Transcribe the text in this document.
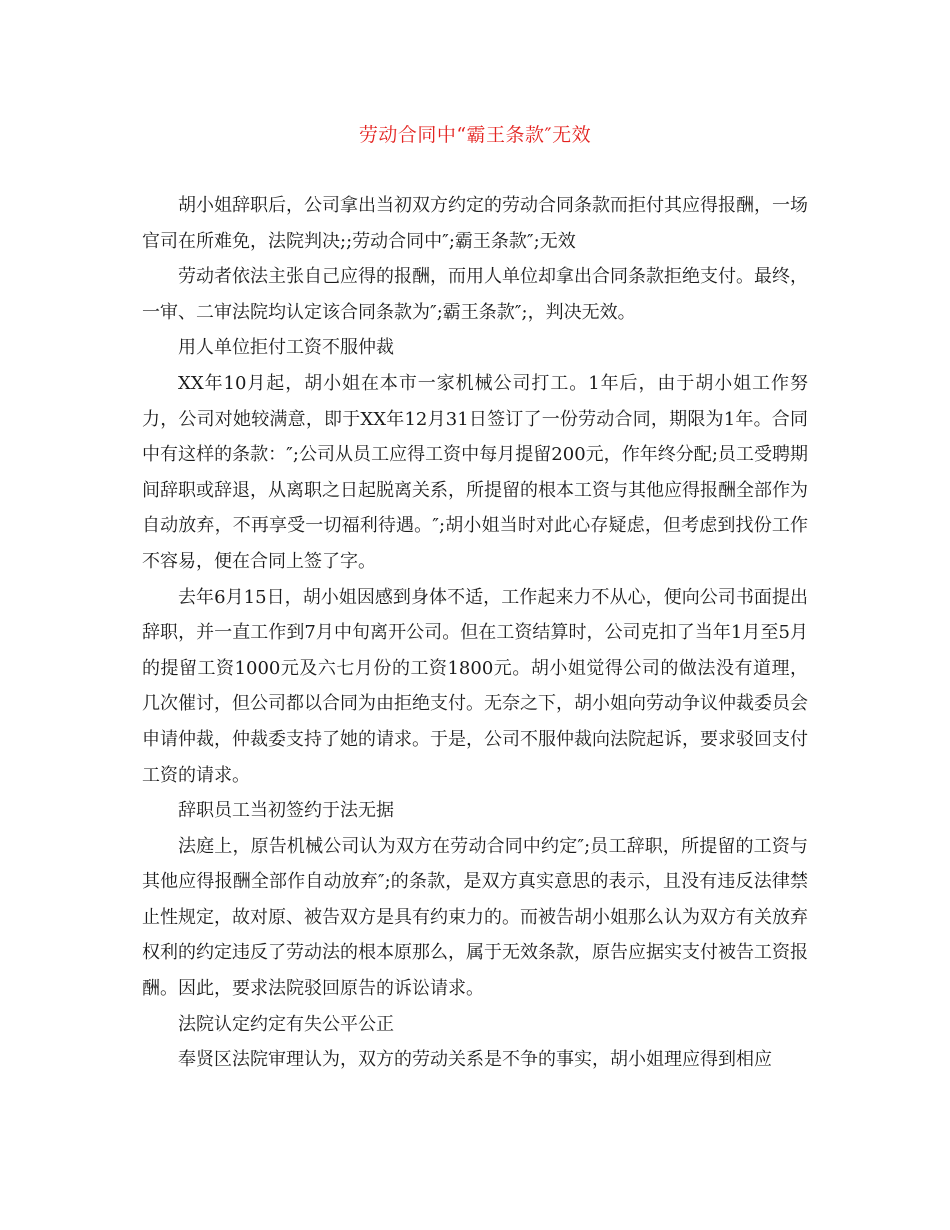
劳动合同中“霸王条款″无效

胡小姐辞职后，公司拿出当初双方约定的劳动合同条款而拒付其应得报酬，一场官司在所难免，法院判决;;劳动合同中″;霸王条款″;无效

劳动者依法主张自己应得的报酬，而用人单位却拿出合同条款拒绝支付。最终，一审、二审法院均认定该合同条款为″;霸王条款″;，判决无效。

用人单位拒付工资不服仲裁

XX年10月起，胡小姐在本市一家机械公司打工。1年后，由于胡小姐工作努力，公司对她较满意，即于XX年12月31日签订了一份劳动合同，期限为1年。合同中有这样的条款：″;公司从员工应得工资中每月提留200元，作年终分配;员工受聘期间辞职或辞退，从离职之日起脱离关系，所提留的根本工资与其他应得报酬全部作为自动放弃，不再享受一切福利待遇。″;胡小姐当时对此心存疑虑，但考虑到找份工作不容易，便在合同上签了字。

去年6月15日，胡小姐因感到身体不适，工作起来力不从心，便向公司书面提出辞职，并一直工作到7月中旬离开公司。但在工资结算时，公司克扣了当年1月至5月的提留工资1000元及六七月份的工资1800元。胡小姐觉得公司的做法没有道理，几次催讨，但公司都以合同为由拒绝支付。无奈之下，胡小姐向劳动争议仲裁委员会申请仲裁，仲裁委支持了她的请求。于是，公司不服仲裁向法院起诉，要求驳回支付工资的请求。

辞职员工当初签约于法无据

法庭上，原告机械公司认为双方在劳动合同中约定″;员工辞职，所提留的工资与其他应得报酬全部作自动放弃″;的条款，是双方真实意思的表示，且没有违反法律禁止性规定，故对原、被告双方是具有约束力的。而被告胡小姐那么认为双方有关放弃权利的约定违反了劳动法的根本原那么，属于无效条款，原告应据实支付被告工资报酬。因此，要求法院驳回原告的诉讼请求。

法院认定约定有失公平公正

奉贤区法院审理认为，双方的劳动关系是不争的事实，胡小姐理应得到相应
